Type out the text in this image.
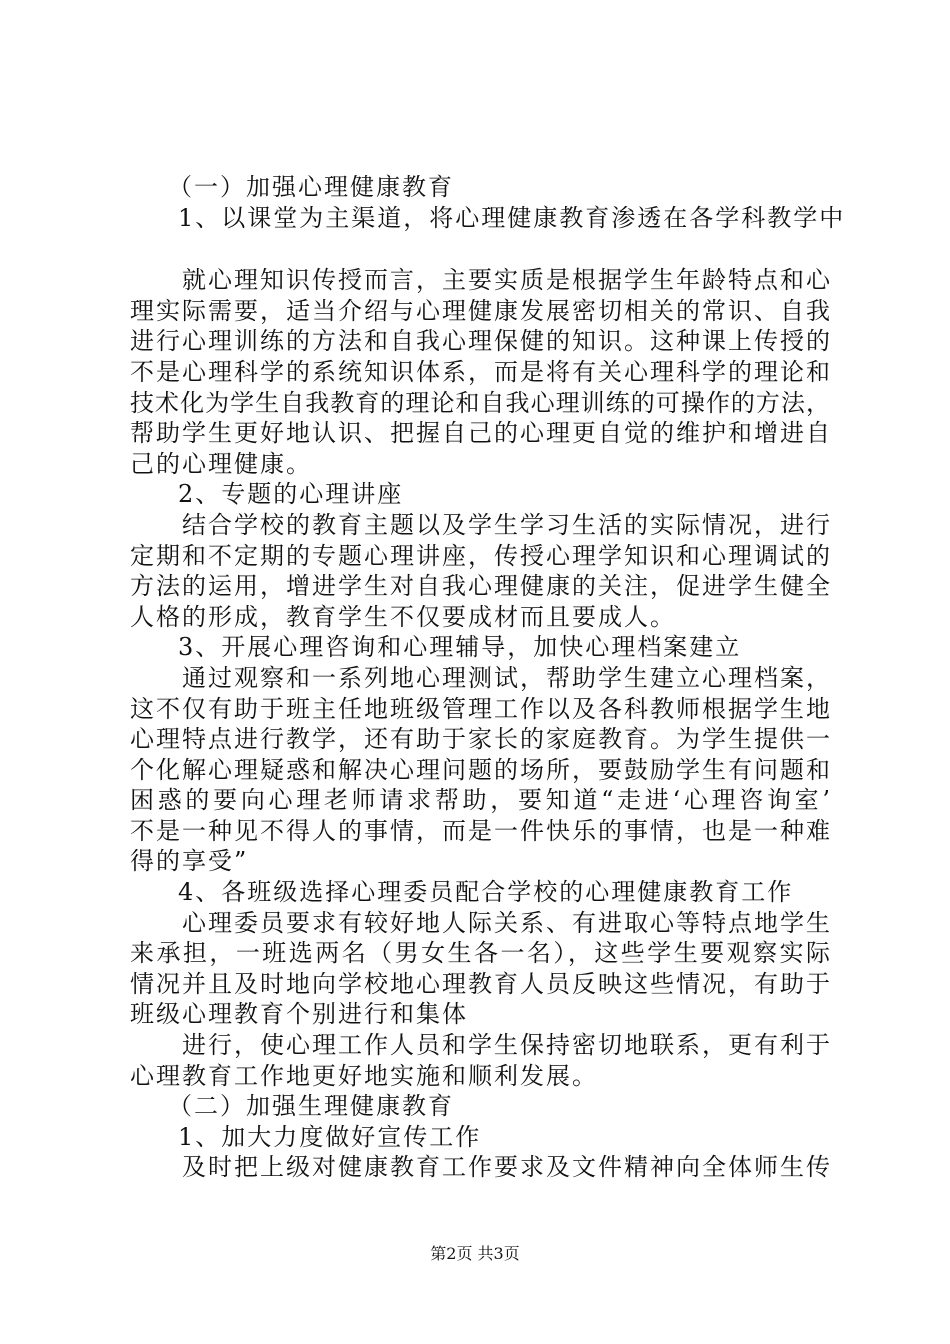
（一）加强心理健康教育
1、以课堂为主渠道，将心理健康教育渗透在各学科教学中
就心理知识传授而言，主要实质是根据学生年龄特点和心
理实际需要，适当介绍与心理健康发展密切相关的常识、自我
进行心理训练的方法和自我心理保健的知识。这种课上传授的
不是心理科学的系统知识体系，而是将有关心理科学的理论和
技术化为学生自我教育的理论和自我心理训练的可操作的方法，
帮助学生更好地认识、把握自己的心理更自觉的维护和增进自
己的心理健康。
2、专题的心理讲座
结合学校的教育主题以及学生学习生活的实际情况，进行
定期和不定期的专题心理讲座，传授心理学知识和心理调试的
方法的运用，增进学生对自我心理健康的关注，促进学生健全
人格的形成，教育学生不仅要成材而且要成人。
3、开展心理咨询和心理辅导，加快心理档案建立
通过观察和一系列地心理测试，帮助学生建立心理档案，
这不仅有助于班主任地班级管理工作以及各科教师根据学生地
心理特点进行教学，还有助于家长的家庭教育。为学生提供一
个化解心理疑惑和解决心理问题的场所，要鼓励学生有问题和
困惑的要向心理老师请求帮助，要知道“走进‘心理咨询室’
不是一种见不得人的事情，而是一件快乐的事情，也是一种难
得的享受”
4、各班级选择心理委员配合学校的心理健康教育工作
心理委员要求有较好地人际关系、有进取心等特点地学生
来承担，一班选两名（男女生各一名），这些学生要观察实际
情况并且及时地向学校地心理教育人员反映这些情况，有助于
班级心理教育个别进行和集体
进行，使心理工作人员和学生保持密切地联系，更有利于
心理教育工作地更好地实施和顺利发展。
（二）加强生理健康教育
1、加大力度做好宣传工作
及时把上级对健康教育工作要求及文件精神向全体师生传
第2页 共3页
